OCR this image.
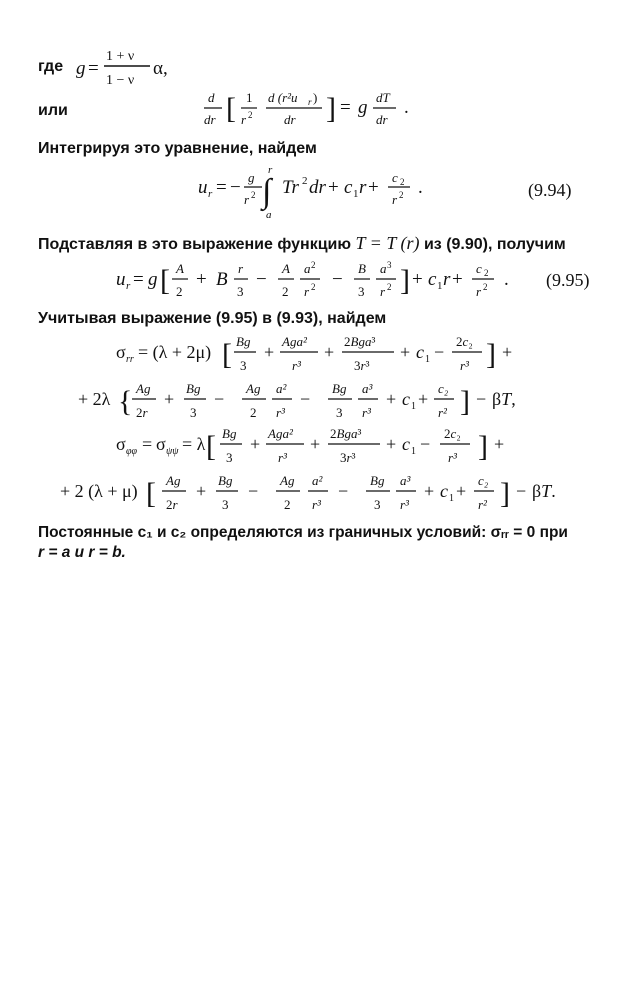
где g =
1 + ν
1 − ν
α,
d
dr [ 1
r 2
d (r²u r )
dr ] = g dT
dr
.
u r = − g
r 2 ∫
r
a
Tr 2 dr + c 1 r + c 2
r 2 .
u r = g [ A
2
+ B
r
3
−
A
2
a 2
r 2 −
B
3
a 3
r 2 ] + c 1 r +
c 2
r 2 .
σ rr = (λ + 2μ) [ Bg
3
+
Aga²
r³
+
2Bga³
3r³
+ c 1 −
2c₂
r³ ] +
+ 2λ { Ag
2r
+
Bg
3
−
Ag
2
a²
r³
−
Bg
3
a³
r³
+ c 1 +
c₂
r² ] − βT,
σ φφ = σ ψψ = λ [ Bg
3
+
Aga²
r³
+
2Bga³
3r³
+ c 1 −
2c₂
r³ ] +
+ 2 (λ + μ) [ Ag
2r
+
Bg
3
−
Ag
2
a²
r³
−
Bg
3
a³
r³
+ c 1 +
c₂
r² ] − βT.
или
Интегрируя это уравнение, найдем
(9.94)
Подставляя в это выражение функцию T = T (r) из (9.90), получим
(9.95)
Учитывая выражение (9.95) в (9.93), найдем
Постоянные c₁ и c₂ определяются из граничных условий: σᵣᵣ = 0 при
r = a и r = b.
